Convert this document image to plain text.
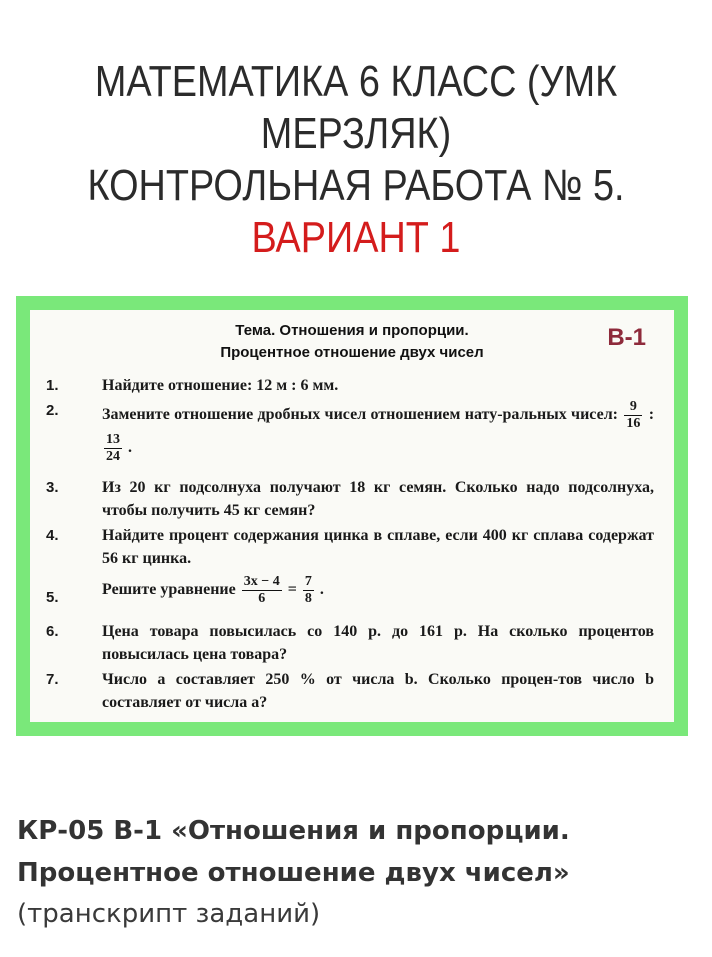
МАТЕМАТИКА 6 КЛАСС (УМК
МЕРЗЛЯК)
КОНТРОЛЬНАЯ РАБОТА № 5.
ВАРИАНТ 1
Тема. Отношения и пропорции.
Процентное отношение двух чисел
В-1
1.	Найдите отношение: 12 м : 6 мм.
2.	Замените отношение дробных чисел отношением нату-ральных чисел: $\frac{9}{16}$ :
$\frac{13}{24}$ .
3.	Из 20 кг подсолнуха получают 18 кг семян. Сколько надо подсолнуха, чтобы получить 45 кг семян?
4.	Найдите процент содержания цинка в сплаве, если 400 кг сплава содержат 56 кг цинка.
5.	Решите уравнение $\frac{3x - 4}{6} = \frac{7}{8}$ .
6.	Цена товара повысилась со 140 р. до 161 р. На сколько процентов повысилась цена товара?
7.	Число a составляет 250 % от числа b. Сколько процен-тов число b составляет от числа a?
КР-05 В-1 «Отношения и пропорции.
Процентное отношение двух чисел»
(транскрипт заданий)
